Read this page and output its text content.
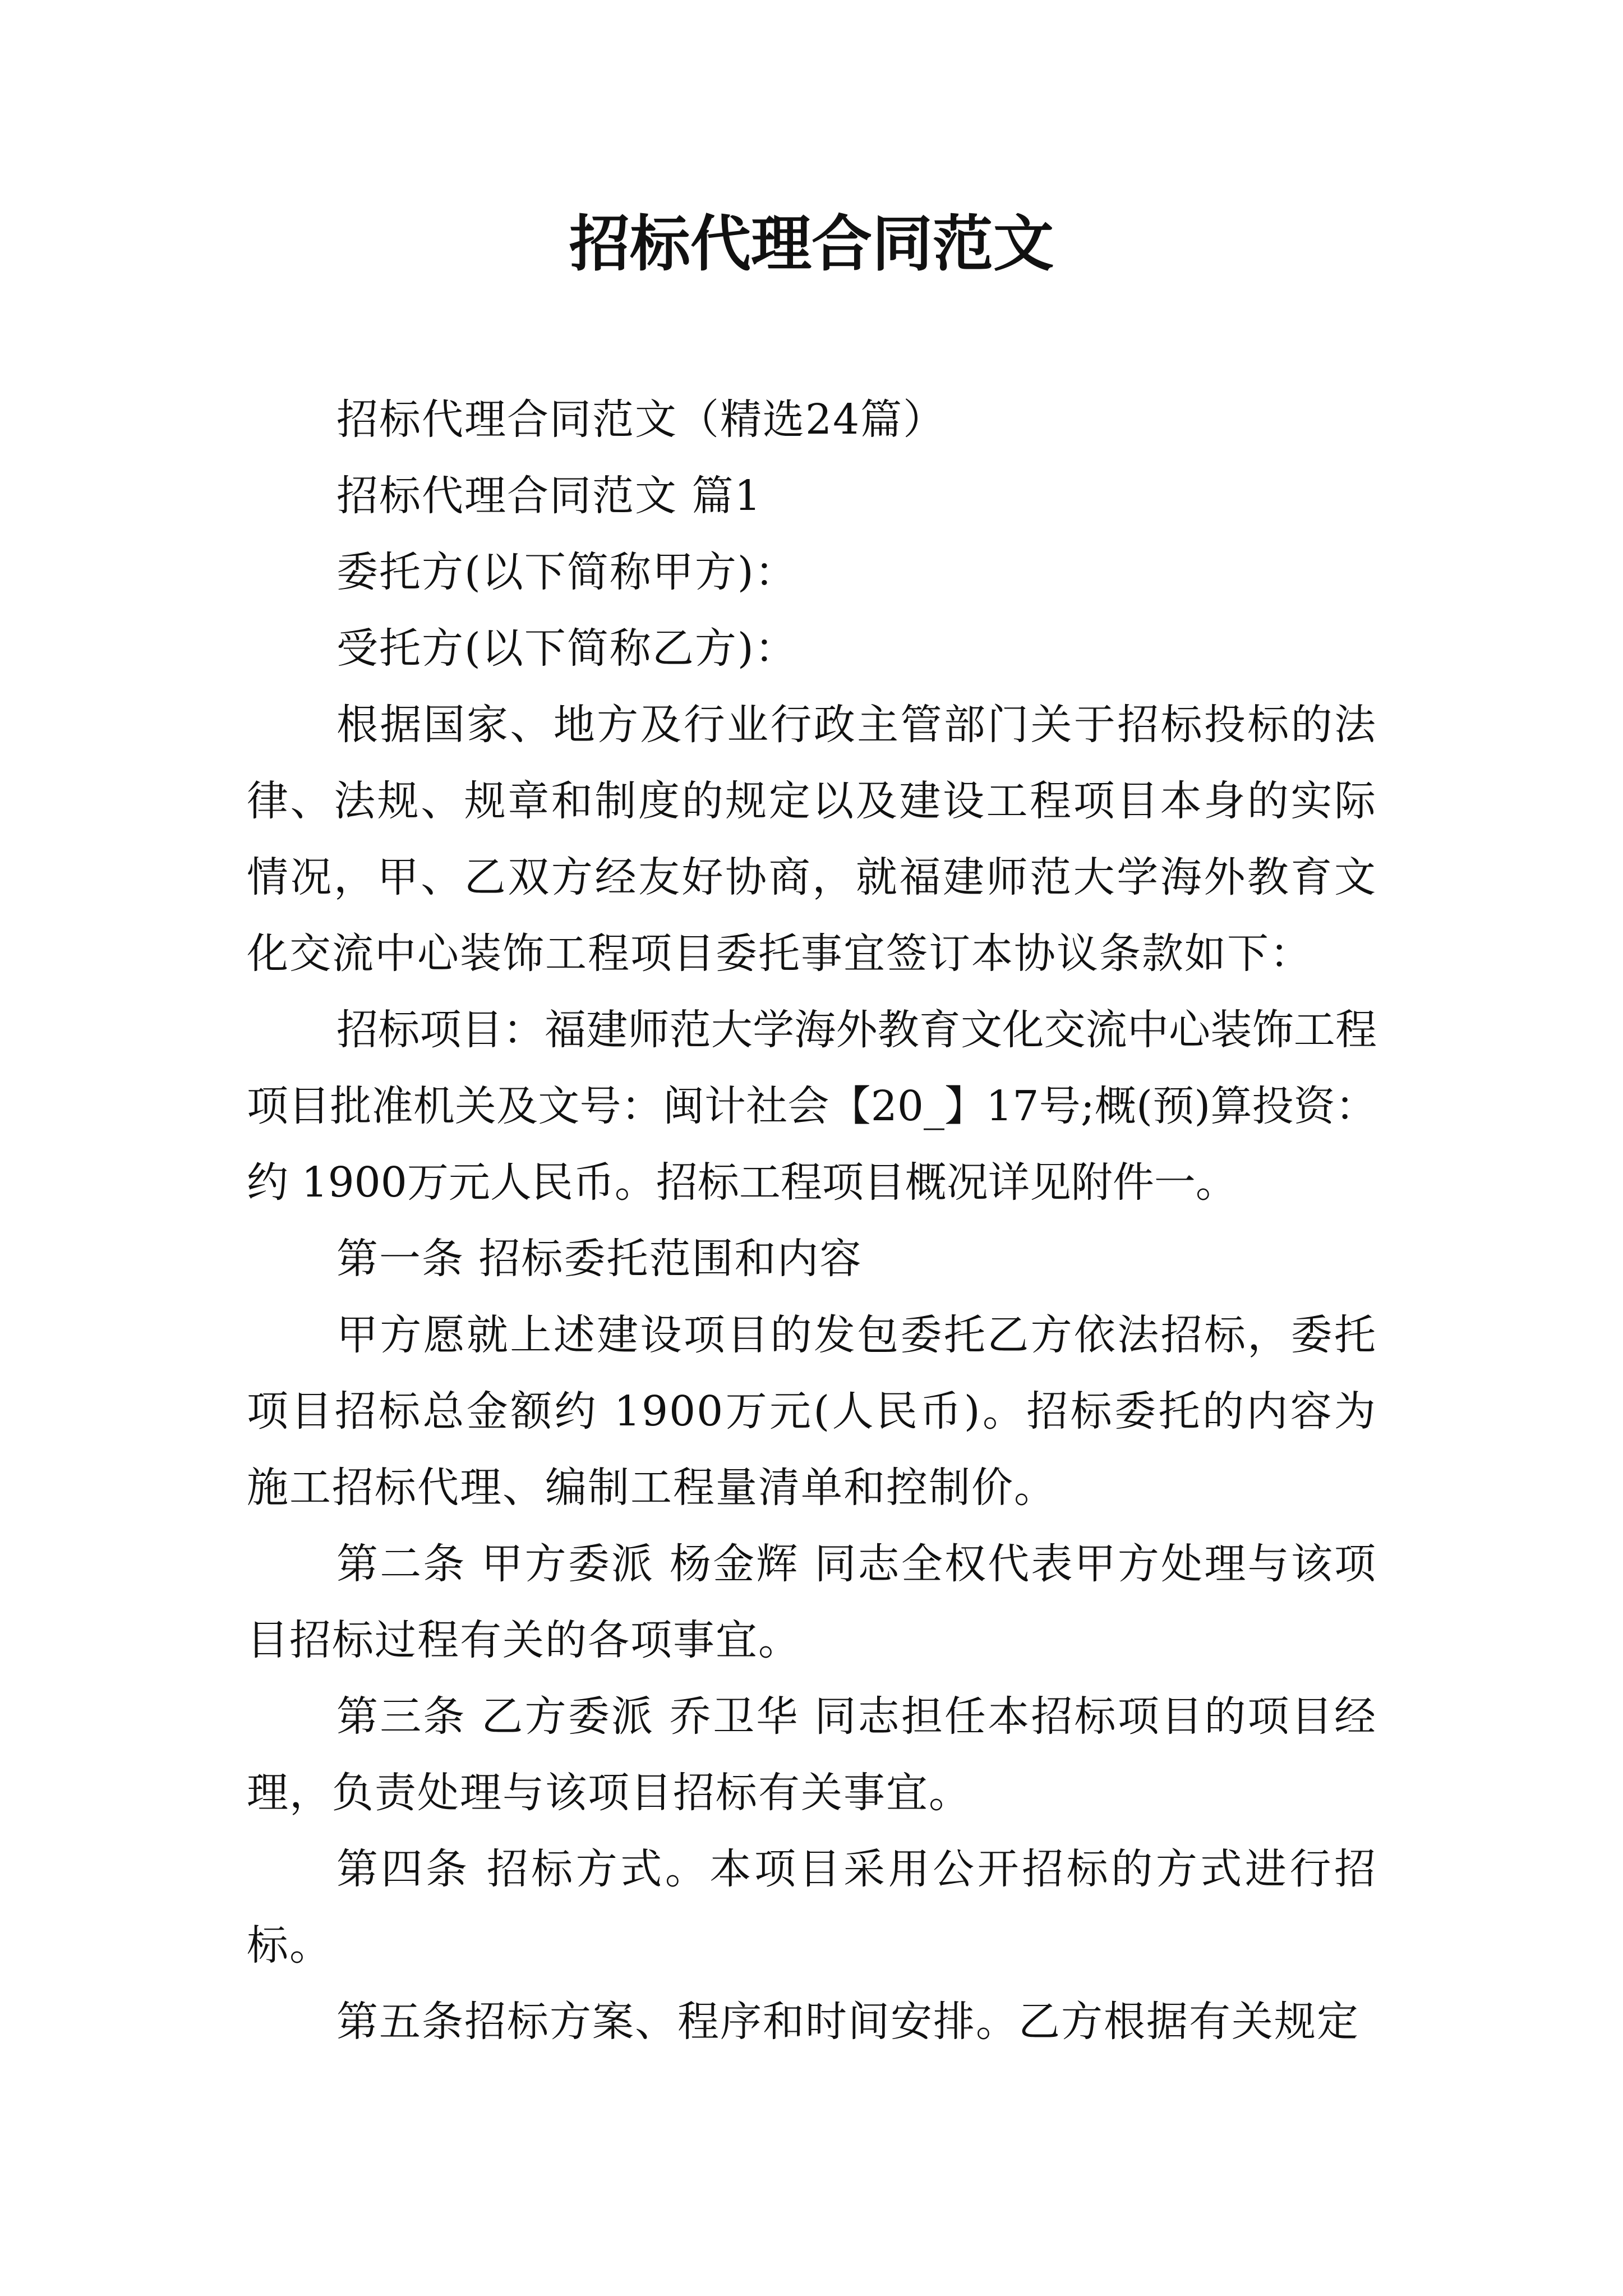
招标代理合同范文

招标代理合同范文（精选24篇）

招标代理合同范文 篇1

委托方(以下简称甲方)：

受托方(以下简称乙方)：

根据国家、地方及行业行政主管部门关于招标投标的法律、法规、规章和制度的规定以及建设工程项目本身的实际情况，甲、乙双方经友好协商，就福建师范大学海外教育文化交流中心装饰工程项目委托事宜签订本协议条款如下：

招标项目：福建师范大学海外教育文化交流中心装饰工程项目批准机关及文号：闽计社会【20_】17号;概(预)算投资： 约 1900万元人民币。招标工程项目概况详见附件一。

第一条 招标委托范围和内容

甲方愿就上述建设项目的发包委托乙方依法招标，委托项目招标总金额约 1900万元(人民币)。招标委托的内容为施工招标代理、编制工程量清单和控制价。

第二条 甲方委派 杨金辉 同志全权代表甲方处理与该项目招标过程有关的各项事宜。

第三条 乙方委派 乔卫华 同志担任本招标项目的项目经理，负责处理与该项目招标有关事宜。

第四条 招标方式。本项目采用公开招标的方式进行招标。

第五条招标方案、程序和时间安排。乙方根据有关规定
